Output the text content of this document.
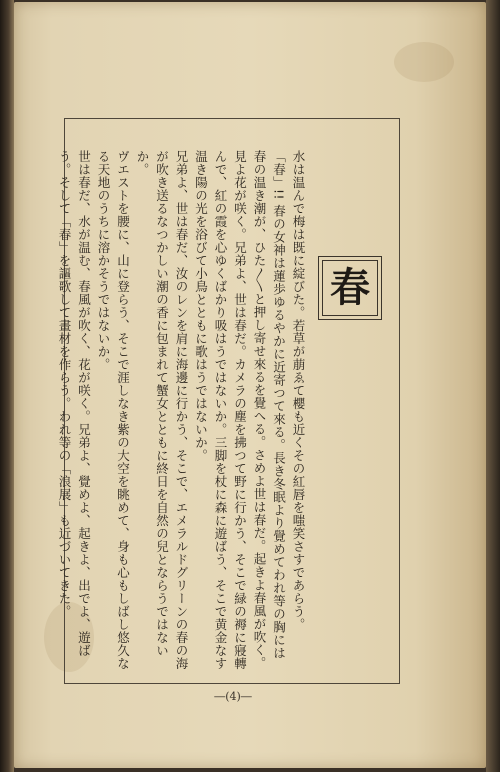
春

水は温んで梅は既に綻びた。若草が萠ゑて櫻も近くその紅唇を嗤笑さすであらう。「春」!! 春の女神は蓮歩ゆるやかに近寄つて來る。長き冬眠より覺めてわれ等の胸には春の温き潮が、ひた〳〵と押し寄せ來るを覺へる。さめよ世は春だ。起きよ春風が吹く。見よ花が咲く。兄弟よ、世は春だ。カメラの塵を拂つて野に行かう、そこで緑の褥に寢轉んで、紅の霞を心ゆくばかり吸はうではないか。三脚を杖に森に遊ばう、そこで黄金なす温き陽の光を浴びて小鳥とともに歌はうではないか。

兄弟よ、世は春だ、汝のレンを肩に海邊に行かう、そこで、エメラルドグリーンの春の海が吹き送るなつかしい潮の香に包まれて蟹女とともに終日を自然の兒とならうではないか。

ヴエストを腰に、山に登らう、そこで涯しなき紫の大空を眺めて、身も心もしばし悠久なる天地のうちに溶かそうではないか。

世は春だ、水が温む、春風が吹く、花が咲く。兄弟よ、覺めよ、起きよ、出でよ、遊ばう。そして「春」を謳歌して畫材を作らう。われ等の「浪展」も近づいてきた。

―(4)―
